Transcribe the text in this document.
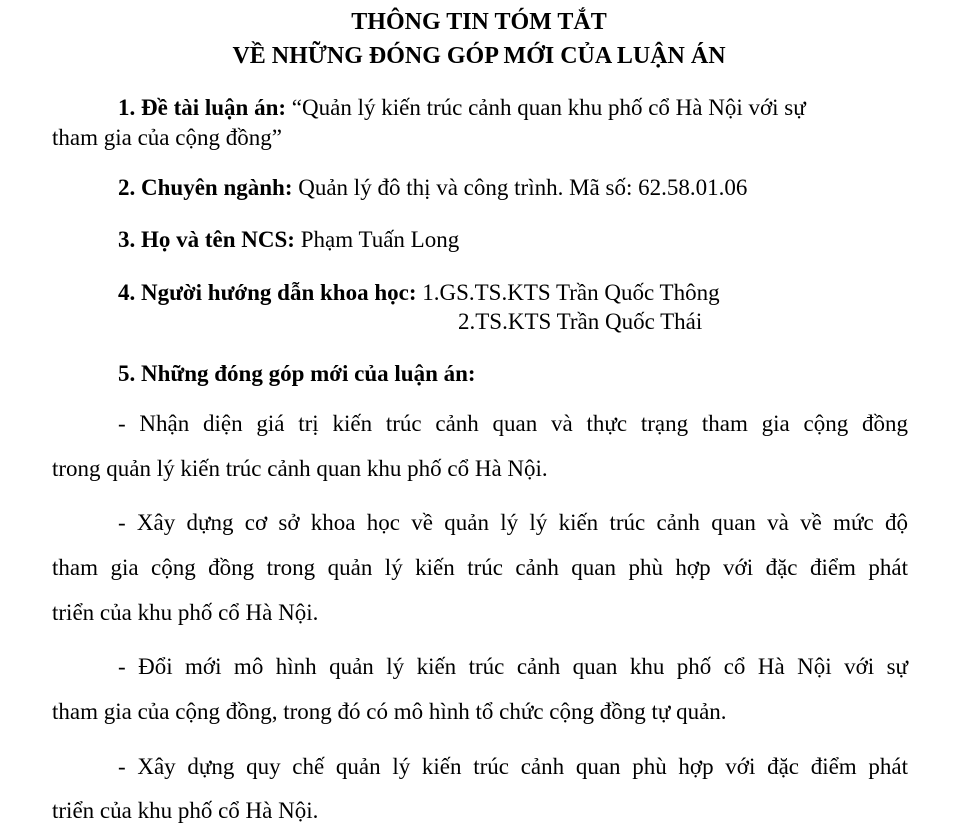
THÔNG TIN TÓM TẮT
VỀ NHỮNG ĐÓNG GÓP MỚI CỦA LUẬN ÁN
1. Đề tài luận án: “Quản lý kiến trúc cảnh quan khu phố cổ Hà Nội với sự
tham gia của cộng đồng”
2. Chuyên ngành: Quản lý đô thị và công trình. Mã số: 62.58.01.06
3. Họ và tên NCS: Phạm Tuấn Long
4. Người hướng dẫn khoa học: 1.GS.TS.KTS Trần Quốc Thông
2.TS.KTS Trần Quốc Thái
5. Những đóng góp mới của luận án:
- Nhận diện giá trị kiến trúc cảnh quan và thực trạng tham gia cộng đồng
trong quản lý kiến trúc cảnh quan khu phố cổ Hà Nội.
- Xây dựng cơ sở khoa học về quản lý lý kiến trúc cảnh quan và về mức độ
tham gia cộng đồng trong quản lý kiến trúc cảnh quan phù hợp với đặc điểm phát
triển của khu phố cổ Hà Nội.
- Đổi mới mô hình quản lý kiến trúc cảnh quan khu phố cổ Hà Nội với sự
tham gia của cộng đồng, trong đó có mô hình tổ chức cộng đồng tự quản.
- Xây dựng quy chế quản lý kiến trúc cảnh quan phù hợp với đặc điểm phát
triển của khu phố cổ Hà Nội.
